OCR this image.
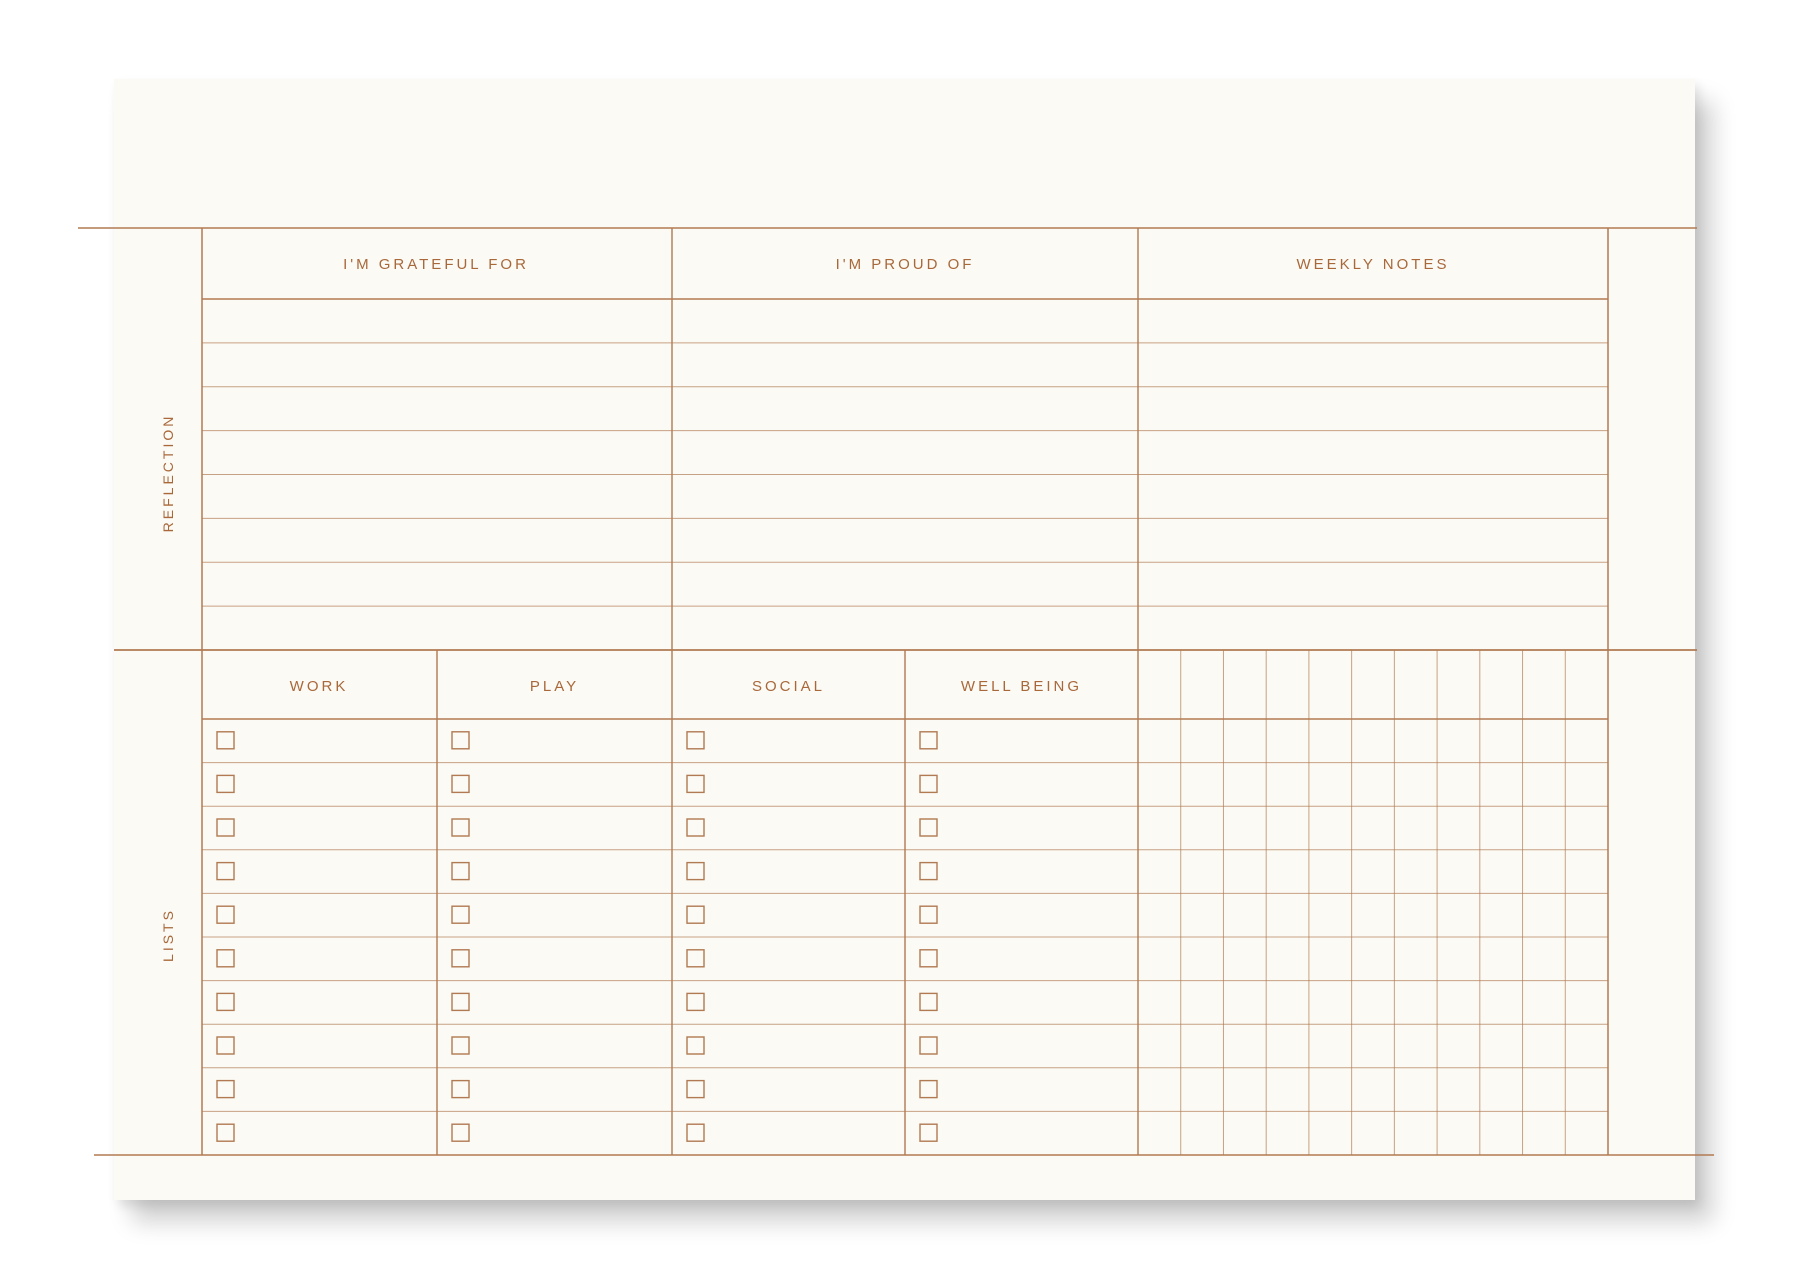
REFLECTION
LISTS
I'M GRATEFUL FOR	I'M PROUD OF	WEEKLY NOTES
WORK	PLAY	SOCIAL	WELL BEING
